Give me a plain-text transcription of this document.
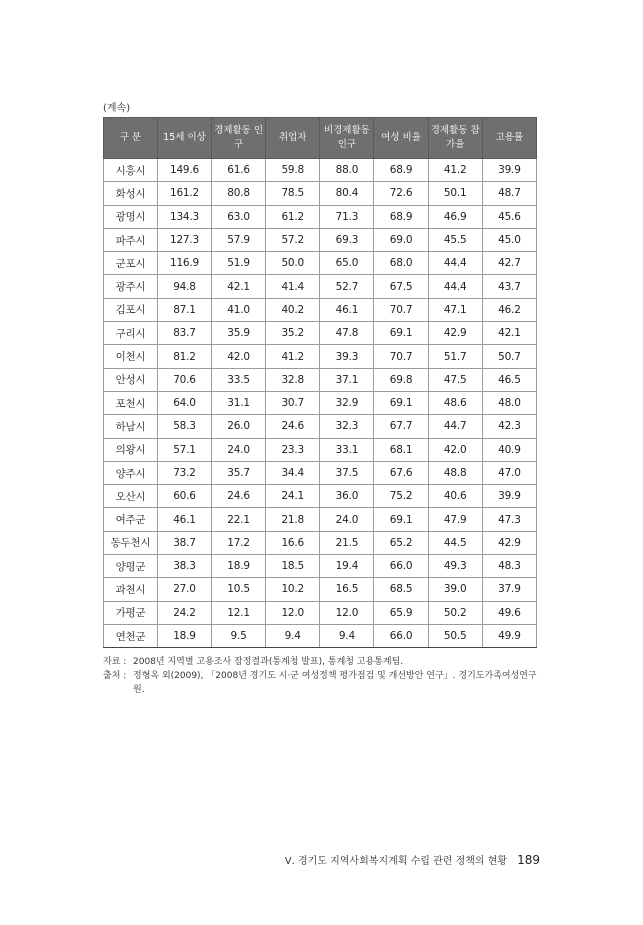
(계속)
구 분	15세 이상	경제활동 인구	취업자	비경제활동 인구	여성 비율	경제활동 참가율	고용률
시흥시	149.6	61.6	59.8	88.0	68.9	41.2	39.9
화성시	161.2	80.8	78.5	80.4	72.6	50.1	48.7
광명시	134.3	63.0	61.2	71.3	68.9	46.9	45.6
파주시	127.3	57.9	57.2	69.3	69.0	45.5	45.0
군포시	116.9	51.9	50.0	65.0	68.0	44.4	42.7
광주시	94.8	42.1	41.4	52.7	67.5	44.4	43.7
김포시	87.1	41.0	40.2	46.1	70.7	47.1	46.2
구리시	83.7	35.9	35.2	47.8	69.1	42.9	42.1
이천시	81.2	42.0	41.2	39.3	70.7	51.7	50.7
안성시	70.6	33.5	32.8	37.1	69.8	47.5	46.5
포천시	64.0	31.1	30.7	32.9	69.1	48.6	48.0
하남시	58.3	26.0	24.6	32.3	67.7	44.7	42.3
의왕시	57.1	24.0	23.3	33.1	68.1	42.0	40.9
양주시	73.2	35.7	34.4	37.5	67.6	48.8	47.0
오산시	60.6	24.6	24.1	36.0	75.2	40.6	39.9
여주군	46.1	22.1	21.8	24.0	69.1	47.9	47.3
동두천시	38.7	17.2	16.6	21.5	65.2	44.5	42.9
양평군	38.3	18.9	18.5	19.4	66.0	49.3	48.3
과천시	27.0	10.5	10.2	16.5	68.5	39.0	37.9
가평군	24.2	12.1	12.0	12.0	65.9	50.2	49.6
연천군	18.9	9.5	9.4	9.4	66.0	50.5	49.9
자료 : 2008년 지역별 고용조사 잠정결과(통계청 발표), 통계청 고용통계팀.
출처 : 정형옥 외(2009), 「2008년 경기도 시·군 여성정책 평가점검 및 개선방안 연구」. 경기도가족여성연구원.
Ⅴ. 경기도 지역사회복지계획 수립 관련 정책의 현황 189
